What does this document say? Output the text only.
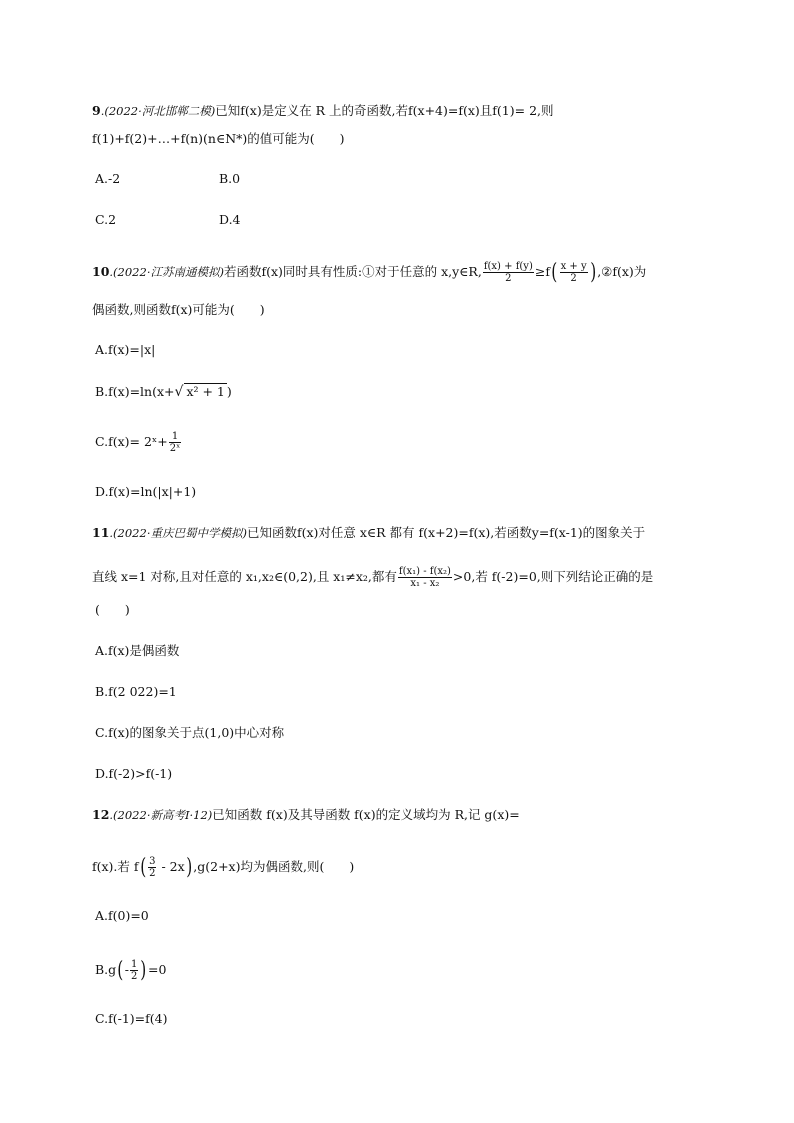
9.(2022·河北邯郸二模)已知f(x)是定义在 R 上的奇函数,若f(x+4)=f(x)且f(1)= 2,则
f(1)+f(2)+…+f(n)(n∈N*)的值可能为(　　)
A.-2	B.0
C.2	D.4
10.(2022·江苏南通模拟)若函数f(x)同时具有性质:①对于任意的 x,y∈R, $\frac{f(x) + f(y)}{2} \ge f( \frac{x + y}{2}$ ),②f(x)为
偶函数,则函数f(x)可能为(　　)
A.f(x)=|x|
B.f(x)=ln(x+√ x² + 1 )
C.f(x)= 2ˣ+ $\frac{1}{\text{2ˣ}}$
D.f(x)=ln(|x|+1)
11.(2022·重庆巴蜀中学模拟)已知函数f(x)对任意 x∈R 都有 f(x+2)=f(x),若函数y=f(x-1)的图象关于
直线 x=1 对称,且对任意的 x₁,x₂∈(0,2),且 x₁≠x₂,都有 $\frac{\text{f(x₁) - f(x₂)}}{\text{x₁ - x₂}} >0$,若 f(-2)=0,则下列结论正确的是
(　　)
A.f(x)是偶函数
B.f(2 022)=1
C.f(x)的图象关于点(1,0)中心对称
D.f(-2)>f(-1)
12.(2022·新高考Ⅰ·12)已知函数 f(x)及其导函数 f(x)的定义域均为 R,记 g(x)=
f(x).若 $f( \frac{3}{2} - 2x),g(2+x)$均为偶函数,则(　　)
A.f(0)=0
$B.g(- \frac{1}{2} )=0$
C.f(-1)=f(4)
